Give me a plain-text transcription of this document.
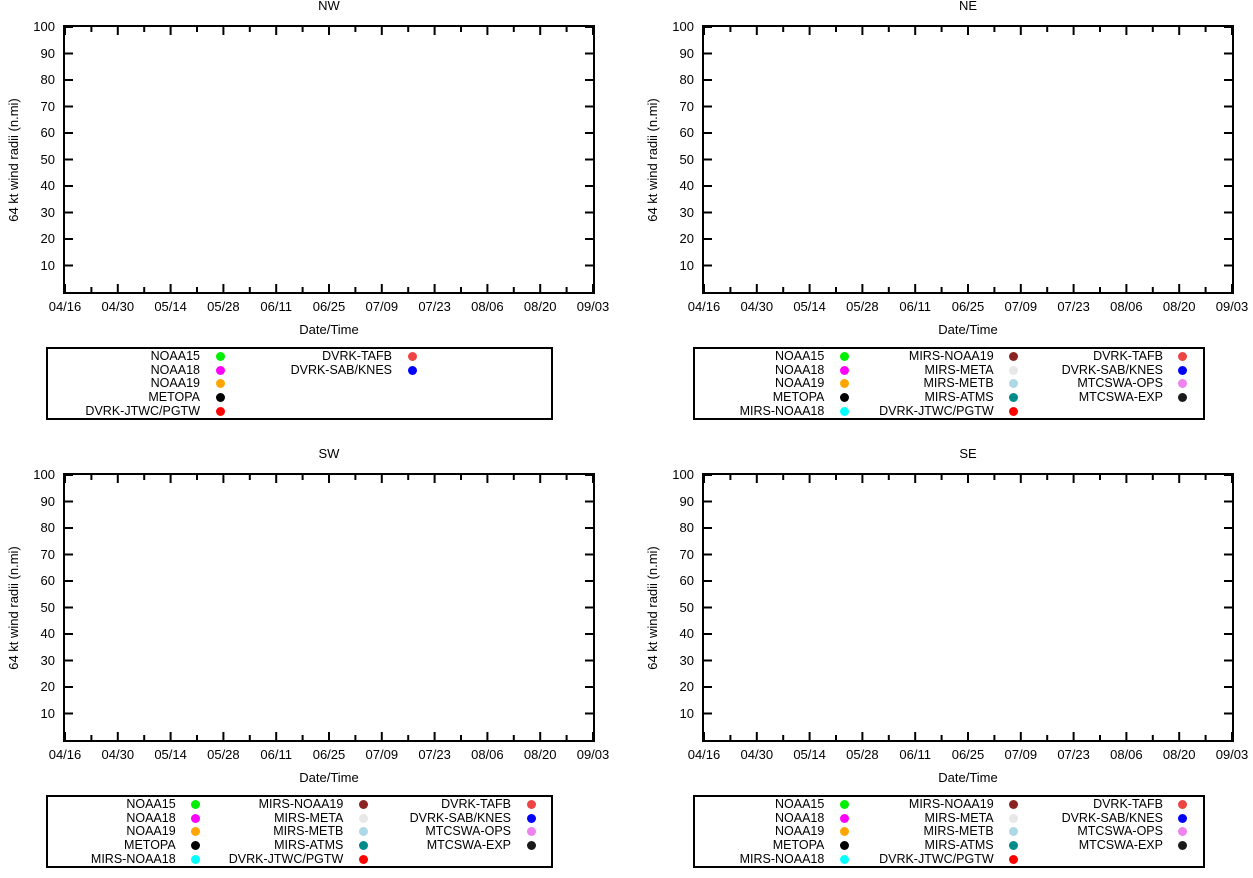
NW
64 kt wind radii (n.mi)
10
20
30
40
50
60
70
80
90
100
04/16	04/30	05/14	05/28	06/11	06/25	07/09	07/23	08/06	08/20	09/03
Date/Time
NOAA15
NOAA18
NOAA19
METOPA
DVRK-JTWC/PGTW
DVRK-TAFB
DVRK-SAB/KNES
NE
64 kt wind radii (n.mi)
10
20
30
40
50
60
70
80
90
100
04/16	04/30	05/14	05/28	06/11	06/25	07/09	07/23	08/06	08/20	09/03
Date/Time
NOAA15
NOAA18
NOAA19
METOPA
MIRS-NOAA18
MIRS-NOAA19
MIRS-META
MIRS-METB
MIRS-ATMS
DVRK-JTWC/PGTW
DVRK-TAFB
DVRK-SAB/KNES
MTCSWA-OPS
MTCSWA-EXP
SW
64 kt wind radii (n.mi)
10
20
30
40
50
60
70
80
90
100
04/16	04/30	05/14	05/28	06/11	06/25	07/09	07/23	08/06	08/20	09/03
Date/Time
NOAA15
NOAA18
NOAA19
METOPA
MIRS-NOAA18
MIRS-NOAA19
MIRS-META
MIRS-METB
MIRS-ATMS
DVRK-JTWC/PGTW
DVRK-TAFB
DVRK-SAB/KNES
MTCSWA-OPS
MTCSWA-EXP
SE
64 kt wind radii (n.mi)
10
20
30
40
50
60
70
80
90
100
04/16	04/30	05/14	05/28	06/11	06/25	07/09	07/23	08/06	08/20	09/03
Date/Time
NOAA15
NOAA18
NOAA19
METOPA
MIRS-NOAA18
MIRS-NOAA19
MIRS-META
MIRS-METB
MIRS-ATMS
DVRK-JTWC/PGTW
DVRK-TAFB
DVRK-SAB/KNES
MTCSWA-OPS
MTCSWA-EXP
